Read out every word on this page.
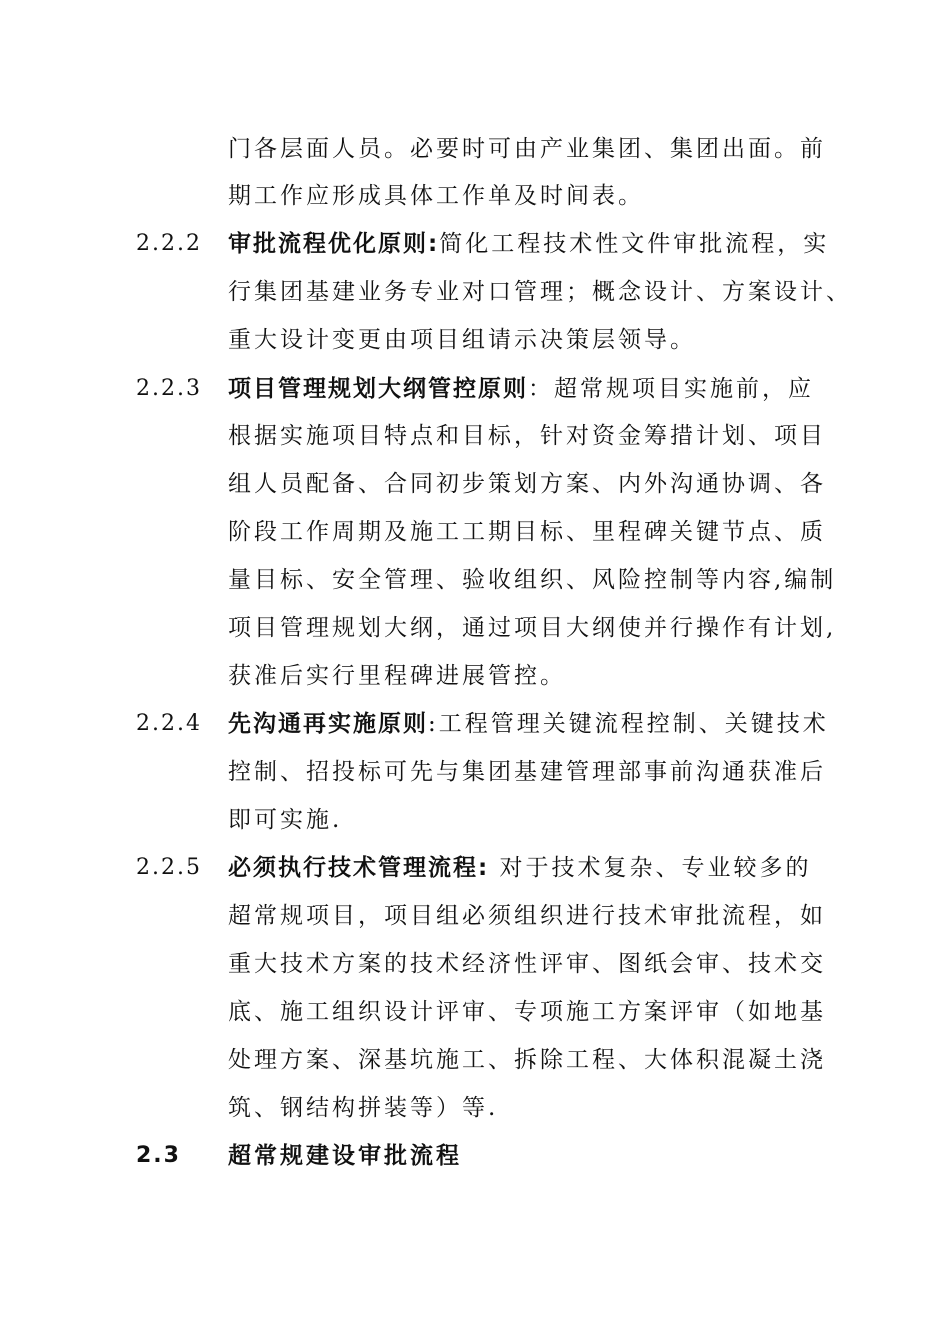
门各层面人员。必要时可由产业集团、集团出面。前
期工作应形成具体工作单及时间表。
2.2.2 审批流程优化原则:简化工程技术性文件审批流程，实
行集团基建业务专业对口管理；概念设计、方案设计、
重大设计变更由项目组请示决策层领导。
2.2.3 项目管理规划大纲管控原则：超常规项目实施前，应
根据实施项目特点和目标，针对资金筹措计划、项目
组人员配备、合同初步策划方案、内外沟通协调、各
阶段工作周期及施工工期目标、里程碑关键节点、质
量目标、安全管理、验收组织、风险控制等内容,编制
项目管理规划大纲，通过项目大纲使并行操作有计划,
获准后实行里程碑进展管控。
2.2.4 先沟通再实施原则:工程管理关键流程控制、关键技术
控制、招投标可先与集团基建管理部事前沟通获准后
即可实施.
2.2.5 必须执行技术管理流程: 对于技术复杂、专业较多的
超常规项目，项目组必须组织进行技术审批流程，如
重大技术方案的技术经济性评审、图纸会审、技术交
底、施工组织设计评审、专项施工方案评审（如地基
处理方案、深基坑施工、拆除工程、大体积混凝土浇
筑、钢结构拼装等）等.
2.3 超常规建设审批流程
